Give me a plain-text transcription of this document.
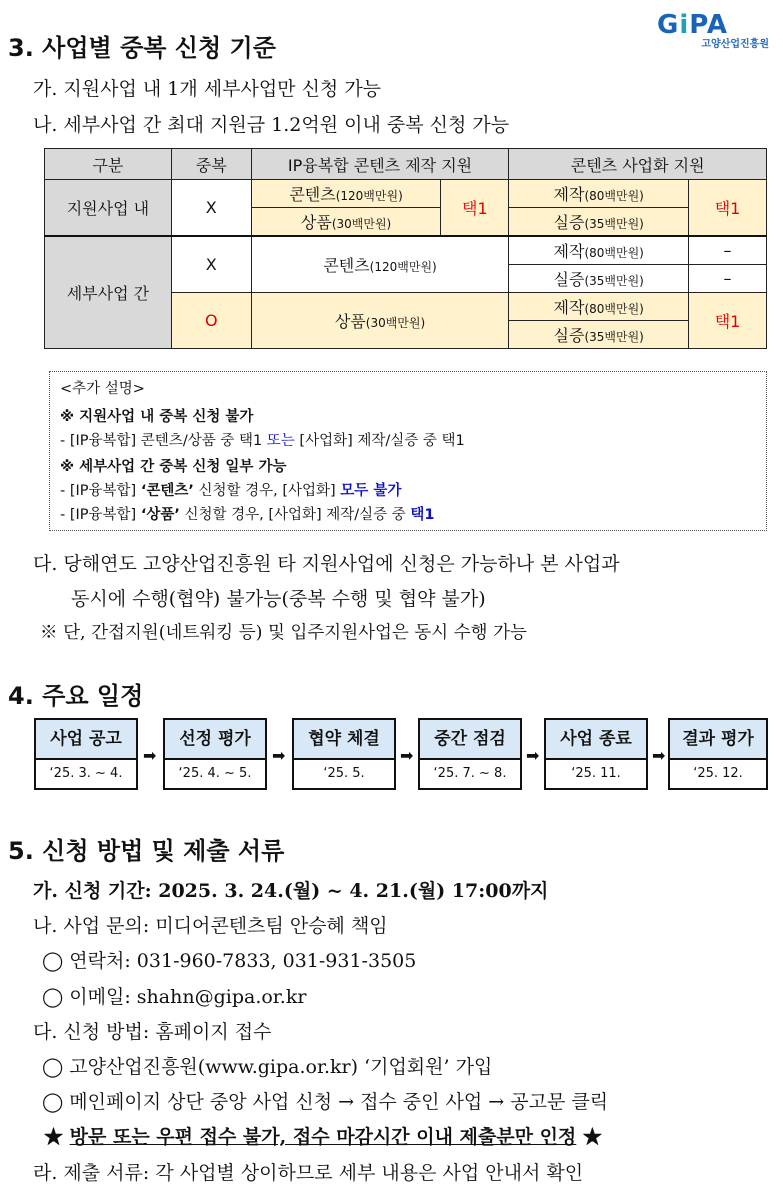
GiPA
고양산업진흥원
3. 사업별 중복 신청 기준
가. 지원사업 내 1개 세부사업만 신청 가능
나. 세부사업 간 최대 지원금 1.2억원 이내 중복 신청 가능
구분	중복	IP융복합 콘텐츠 제작 지원		콘텐츠 사업화 지원	
지원사업 내	X	콘텐츠(120백만원)	택1	제작(80백만원)	택1
		상품(30백만원)		실증(35백만원)	
세부사업 간	X	콘텐츠(120백만원)		제작(80백만원)	–
				실증(35백만원)	–
	O	상품(30백만원)		제작(80백만원)	택1
				실증(35백만원)	
<추가 설명>
※ 지원사업 내 중복 신청 불가
- [IP융복합] 콘텐츠/상품 중 택1 또는 [사업화] 제작/실증 중 택1
※ 세부사업 간 중복 신청 일부 가능
- [IP융복합] ‘콘텐츠’ 신청할 경우, [사업화] 모두 불가
- [IP융복합] ‘상품’ 신청할 경우, [사업화] 제작/실증 중 택1
다. 당해연도 고양산업진흥원 타 지원사업에 신청은 가능하나 본 사업과
동시에 수행(협약) 불가능(중복 수행 및 협약 불가)
※ 단, 간접지원(네트워킹 등) 및 입주지원사업은 동시 수행 가능
4. 주요 일정
사업 공고
‘25. 3. ~ 4.
➡
선정 평가
‘25. 4. ~ 5.
➡
협약 체결
‘25. 5.
➡
중간 점검
‘25. 7. ~ 8.
➡
사업 종료
‘25. 11.
➡
결과 평가
‘25. 12.
5. 신청 방법 및 제출 서류
가. 신청 기간: 2025. 3. 24.(월) ~ 4. 21.(월) 17:00까지
나. 사업 문의: 미디어콘텐츠팀 안승혜 책임
◯ 연락처: 031-960-7833, 031-931-3505
◯ 이메일: shahn@gipa.or.kr
다. 신청 방법: 홈페이지 접수
◯ 고양산업진흥원(www.gipa.or.kr) ‘기업회원’ 가입
◯ 메인페이지 상단 중앙 사업 신청 → 접수 중인 사업 → 공고문 클릭
★ 방문 또는 우편 접수 불가, 접수 마감시간 이내 제출분만 인정 ★
라. 제출 서류: 각 사업별 상이하므로 세부 내용은 사업 안내서 확인
